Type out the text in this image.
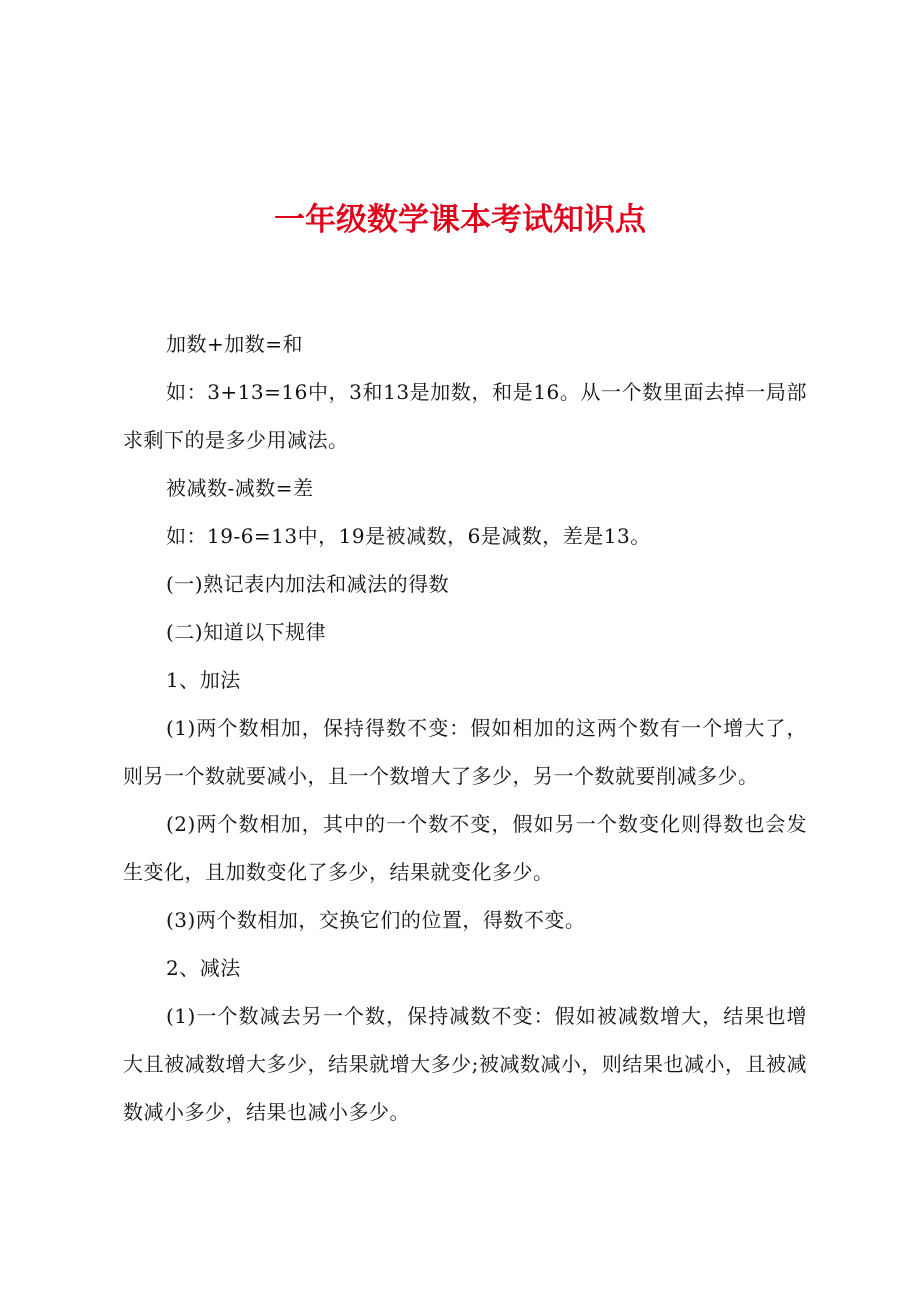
一年级数学课本考试知识点

加数+加数=和

如：3+13=16中，3和13是加数，和是16。从一个数里面去掉一局部求剩下的是多少用减法。

被减数-减数=差

如：19-6=13中，19是被减数，6是减数，差是13。

(一)熟记表内加法和减法的得数

(二)知道以下规律

1、加法

(1)两个数相加，保持得数不变：假如相加的这两个数有一个增大了，则另一个数就要减小，且一个数增大了多少，另一个数就要削减多少。

(2)两个数相加，其中的一个数不变，假如另一个数变化则得数也会发生变化，且加数变化了多少，结果就变化多少。

(3)两个数相加，交换它们的位置，得数不变。

2、减法

(1)一个数减去另一个数，保持减数不变：假如被减数增大，结果也增大且被减数增大多少，结果就增大多少;被减数减小，则结果也减小，且被减数减小多少，结果也减小多少。
